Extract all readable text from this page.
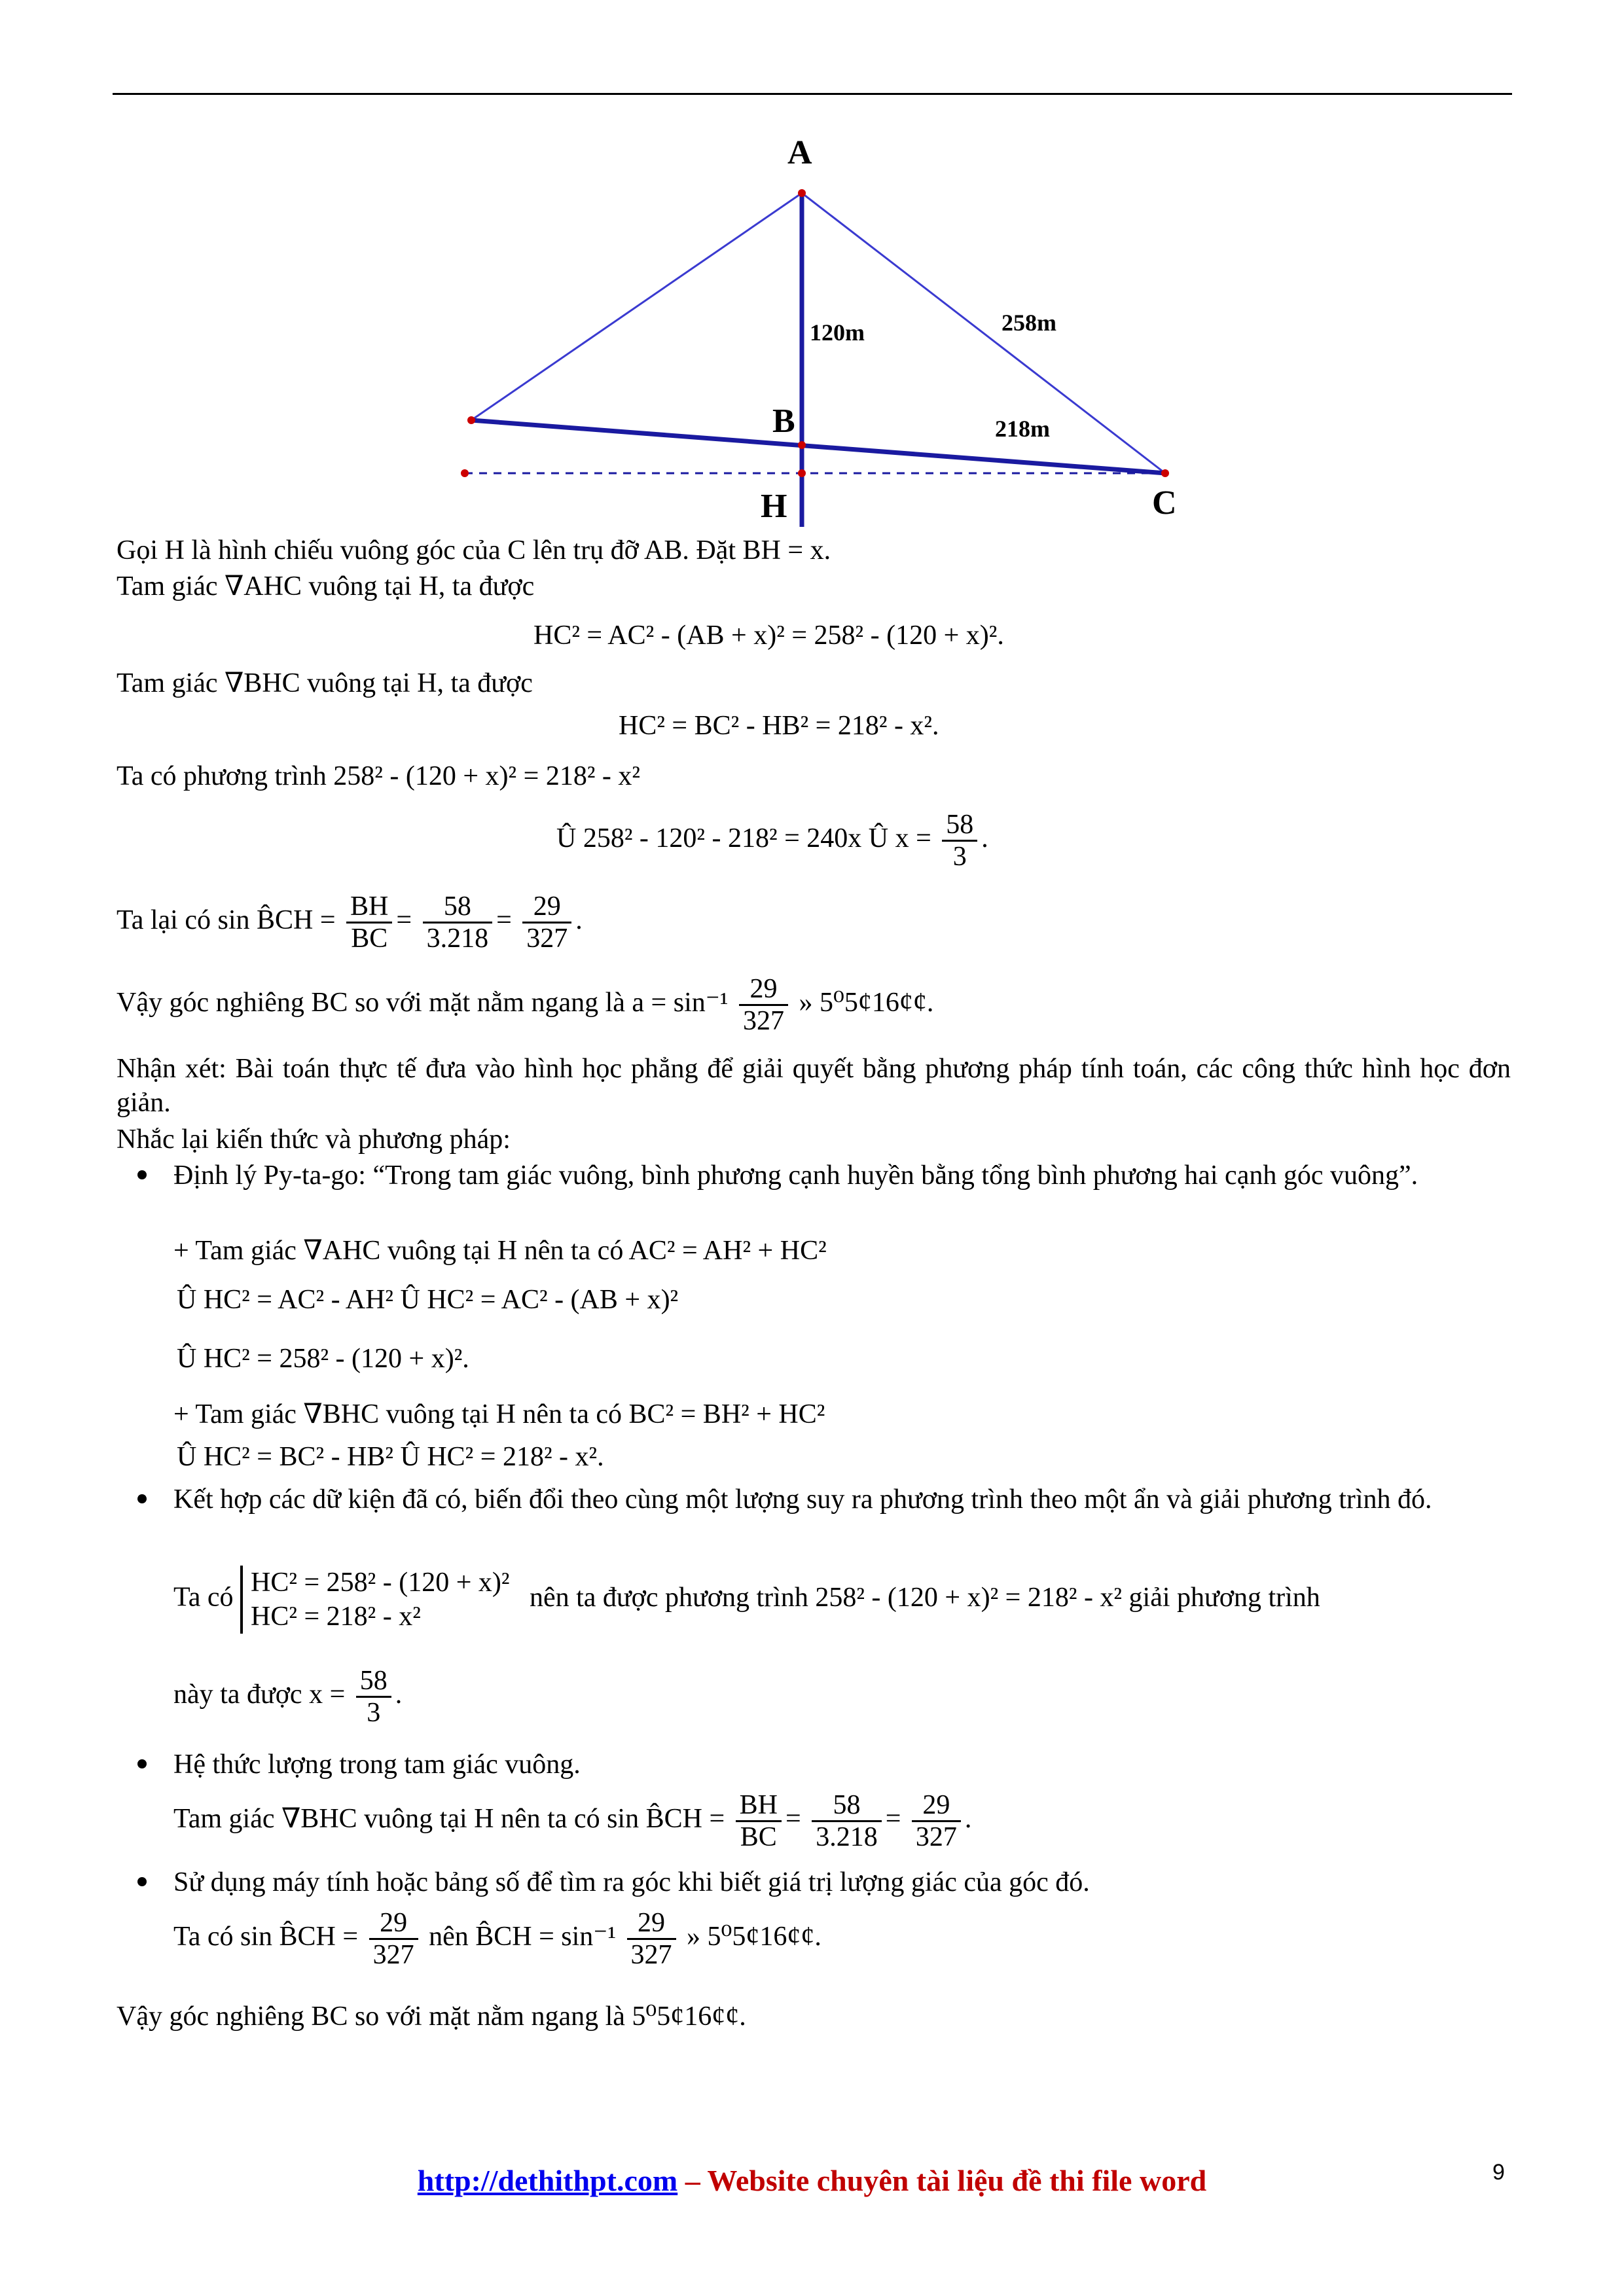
A
B
C
H
120m	258m
218m
Gọi H là hình chiếu vuông góc của C lên trụ đỡ AB. Đặt BH = x.
Tam giác ∇AHC vuông tại H, ta được
HC² = AC² - (AB + x)² = 258² - (120 + x)².
Tam giác ∇BHC vuông tại H, ta được
HC² = BC² - HB² = 218² - x².
Ta có phương trình 258² - (120 + x)² = 218² - x²
Û 258² - 120² - 218² = 240x Û $x = \frac{58}{3}$ .
Ta lại có sin B̂CH = $\frac{BH}{BC} = \frac{58}{3.218} = \frac{29}{327}$ .
Vậy góc nghiêng BC so với mặt nằm ngang là $a = \sin^{-1} \frac{29}{327}$ » 5⁰5¢16¢¢.
Nhận xét: Bài toán thực tế đưa vào hình học phẳng để giải quyết bằng phương pháp tính toán, các công thức hình học đơn giản.
Nhắc lại kiến thức và phương pháp:
Định lý Py-ta-go: “Trong tam giác vuông, bình phương cạnh huyền bằng tổng bình phương hai cạnh góc vuông”.
+ Tam giác ∇AHC vuông tại H nên ta có AC² = AH² + HC²
Û HC² = AC² - AH² Û HC² = AC² - (AB + x)²
Û HC² = 258² - (120 + x)².
+ Tam giác ∇BHC vuông tại H nên ta có BC² = BH² + HC²
Û HC² = BC² - HB² Û HC² = 218² - x².
Kết hợp các dữ kiện đã có, biến đổi theo cùng một lượng suy ra phương trình theo một ẩn và giải phương trình đó.
Ta có HC² = 258² - (120 + x)²
HC² = 218² - x²
nên ta được phương trình 258² - (120 + x)² = 218² - x² giải phương trình
này ta được $x = \frac{58}{3}$ .
Hệ thức lượng trong tam giác vuông.
Tam giác ∇BHC vuông tại H nên ta có sin B̂CH = $\frac{BH}{BC} = \frac{58}{3.218} = \frac{29}{327}$ .
Sử dụng máy tính hoặc bảng số để tìm ra góc khi biết giá trị lượng giác của góc đó.
Ta có sin B̂CH = $\frac{29}{327}$ nên B̂CH = $\sin^{-1} \frac{29}{327}$ » 5⁰5¢16¢¢.
Vậy góc nghiêng BC so với mặt nằm ngang là 5⁰5¢16¢¢.
http://dethithpt.com – Website chuyên tài liệu đề thi file word	9
